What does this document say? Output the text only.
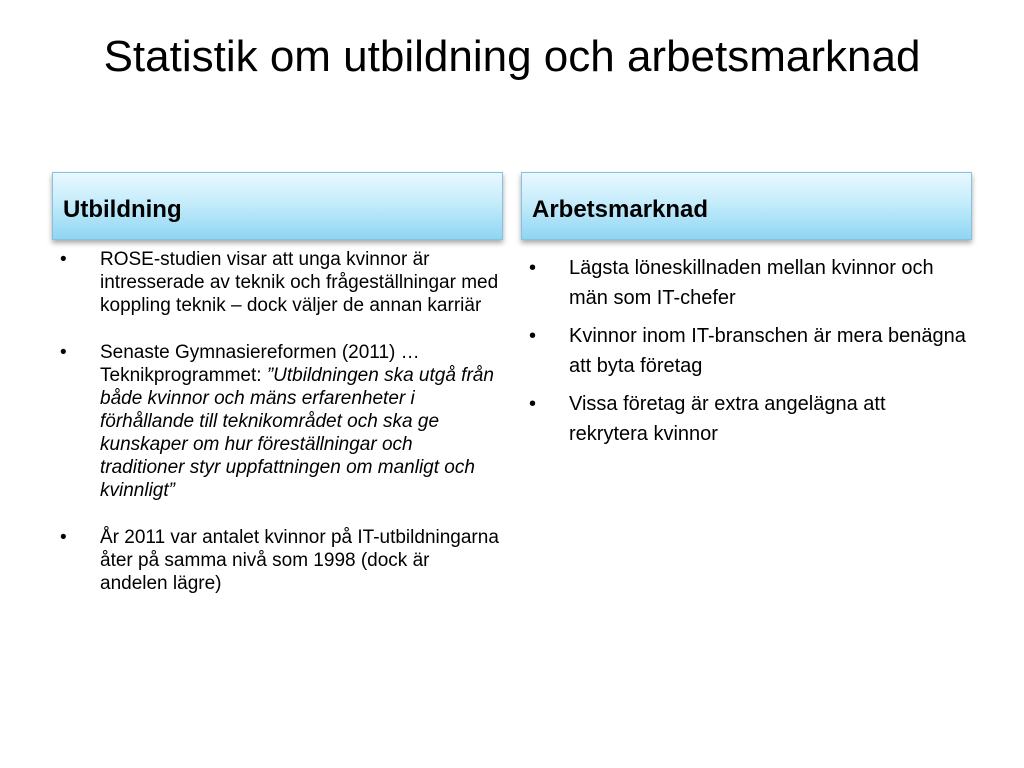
Statistik om utbildning och arbetsmarknad
Utbildning	Arbetsmarknad
• ROSE-studien visar att unga kvinnor är intresserade av teknik och frågeställningar med koppling teknik – dock väljer de annan karriär
• Senaste Gymnasiereformen (2011) … Teknikprogrammet: ”Utbildningen ska utgå från både kvinnor och mäns erfarenheter i förhållande till teknikområdet och ska ge kunskaper om hur föreställningar och traditioner styr uppfattningen om manligt och kvinnligt”
• År 2011 var antalet kvinnor på IT-utbildningarna åter på samma nivå som 1998 (dock är andelen lägre)
• Lägsta löneskillnaden mellan kvinnor och män som IT-chefer
• Kvinnor inom IT-branschen är mera benägna att byta företag
• Vissa företag är extra angelägna att rekrytera kvinnor
